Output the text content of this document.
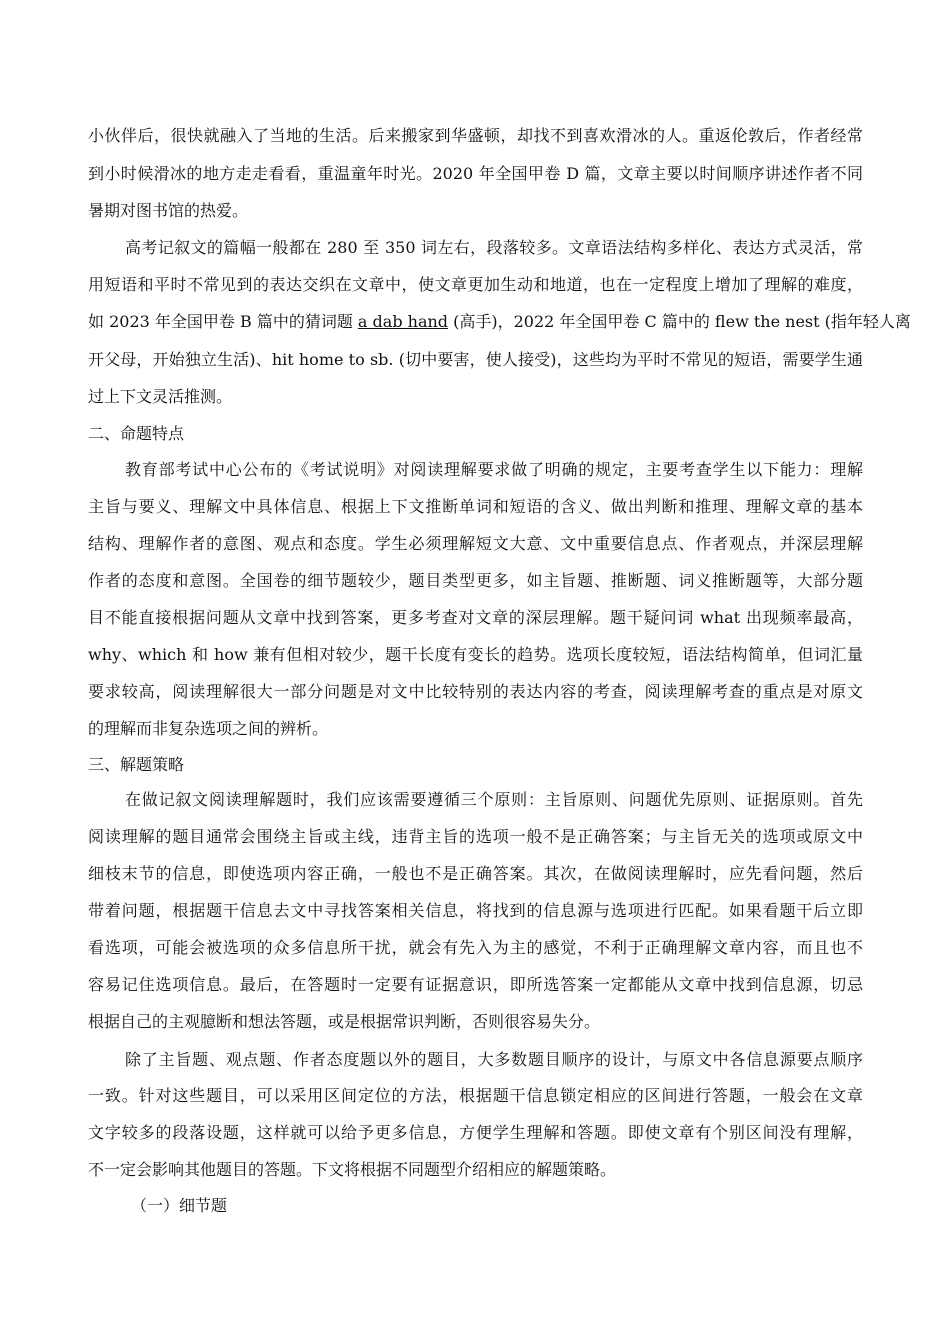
小伙伴后，很快就融入了当地的生活。后来搬家到华盛顿，却找不到喜欢滑冰的人。重返伦敦后，作者经常
到小时候滑冰的地方走走看看，重温童年时光。2020 年全国甲卷 D 篇，文章主要以时间顺序讲述作者不同
暑期对图书馆的热爱。
高考记叙文的篇幅一般都在 280 至 350 词左右，段落较多。文章语法结构多样化、表达方式灵活，常
用短语和平时不常见到的表达交织在文章中，使文章更加生动和地道，也在一定程度上增加了理解的难度，
如 2023 年全国甲卷 B 篇中的猜词题 a dab hand (高手)，2022 年全国甲卷 C 篇中的 flew the nest (指年轻人离
开父母，开始独立生活)、hit home to sb. (切中要害，使人接受)，这些均为平时不常见的短语，需要学生通
过上下文灵活推测。
二、命题特点
教育部考试中心公布的《考试说明》对阅读理解要求做了明确的规定，主要考查学生以下能力：理解
主旨与要义、理解文中具体信息、根据上下文推断单词和短语的含义、做出判断和推理、理解文章的基本
结构、理解作者的意图、观点和态度。学生必须理解短文大意、文中重要信息点、作者观点，并深层理解
作者的态度和意图。全国卷的细节题较少，题目类型更多，如主旨题、推断题、词义推断题等，大部分题
目不能直接根据问题从文章中找到答案，更多考查对文章的深层理解。题干疑问词 what 出现频率最高，
why、which 和 how 兼有但相对较少，题干长度有变长的趋势。选项长度较短，语法结构简单，但词汇量
要求较高，阅读理解很大一部分问题是对文中比较特别的表达内容的考查，阅读理解考查的重点是对原文
的理解而非复杂选项之间的辨析。
三、解题策略
在做记叙文阅读理解题时，我们应该需要遵循三个原则：主旨原则、问题优先原则、证据原则。首先
阅读理解的题目通常会围绕主旨或主线，违背主旨的选项一般不是正确答案；与主旨无关的选项或原文中
细枝末节的信息，即使选项内容正确，一般也不是正确答案。其次，在做阅读理解时，应先看问题，然后
带着问题，根据题干信息去文中寻找答案相关信息，将找到的信息源与选项进行匹配。如果看题干后立即
看选项，可能会被选项的众多信息所干扰，就会有先入为主的感觉，不利于正确理解文章内容，而且也不
容易记住选项信息。最后，在答题时一定要有证据意识，即所选答案一定都能从文章中找到信息源，切忌
根据自己的主观臆断和想法答题，或是根据常识判断，否则很容易失分。
除了主旨题、观点题、作者态度题以外的题目，大多数题目顺序的设计，与原文中各信息源要点顺序
一致。针对这些题目，可以采用区间定位的方法，根据题干信息锁定相应的区间进行答题，一般会在文章
文字较多的段落设题，这样就可以给予更多信息，方便学生理解和答题。即使文章有个别区间没有理解，
不一定会影响其他题目的答题。下文将根据不同题型介绍相应的解题策略。
（一）细节题
